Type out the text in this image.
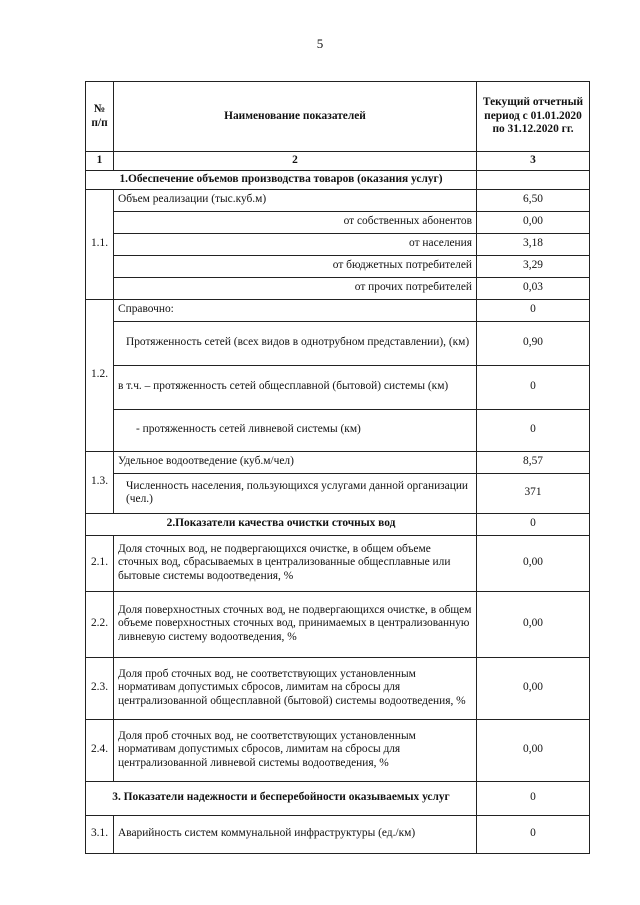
5
№ п/п	Наименование показателей	Текущий отчетный период с 01.01.2020 по 31.12.2020 гг.
1	2	3
1.Обеспечение объемов производства товаров (оказания услуг)		
1.1.	Объем реализации (тыс.куб.м)	6,50
	от собственных абонентов	0,00
	от населения	3,18
	от бюджетных потребителей	3,29
	от прочих потребителей	0,03
1.2.	Справочно:	0
	Протяженность сетей (всех видов в однотрубном представлении), (км)	0,90
	в т.ч. – протяженность сетей общесплавной (бытовой) системы (км)	0
	- протяженность сетей ливневой системы (км)	0
1.3.	Удельное водоотведение (куб.м/чел)	8,57
	Численность населения, пользующихся услугами данной организации (чел.)	371
2.Показатели качества очистки сточных вод		0
2.1.	Доля сточных вод, не подвергающихся очистке, в общем объеме сточных вод, сбрасываемых в централизованные общесплавные или бытовые системы водоотведения, %	0,00
2.2.	Доля поверхностных сточных вод, не подвергающихся очистке, в общем объеме поверхностных сточных вод, принимаемых в централизованную ливневую систему водоотведения, %	0,00
2.3.	Доля проб сточных вод, не соответствующих установленным нормативам допустимых сбросов, лимитам на сбросы для централизованной общесплавной (бытовой) системы водоотведения, %	0,00
2.4.	Доля проб сточных вод, не соответствующих установленным нормативам допустимых сбросов, лимитам на сбросы для централизованной ливневой системы водоотведения, %	0,00
3. Показатели надежности и бесперебойности оказываемых услуг		0
3.1.	Аварийность систем коммунальной инфраструктуры (ед./км)	0
